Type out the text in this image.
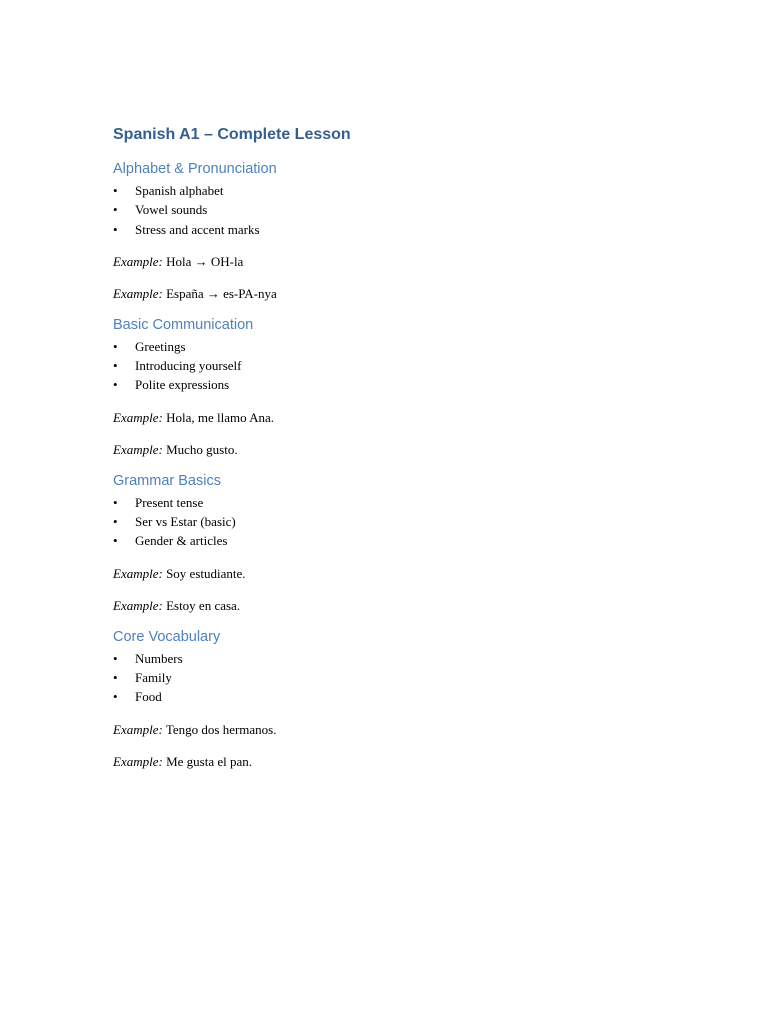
Spanish A1 – Complete Lesson
Alphabet & Pronunciation
• Spanish alphabet
• Vowel sounds
• Stress and accent marks

Example: Hola → OH-la

Example: España → es-PA-nya

Basic Communication
• Greetings
• Introducing yourself
• Polite expressions

Example: Hola, me llamo Ana.

Example: Mucho gusto.

Grammar Basics
• Present tense
• Ser vs Estar (basic)
• Gender & articles

Example: Soy estudiante.

Example: Estoy en casa.

Core Vocabulary
• Numbers
• Family
• Food

Example: Tengo dos hermanos.

Example: Me gusta el pan.
